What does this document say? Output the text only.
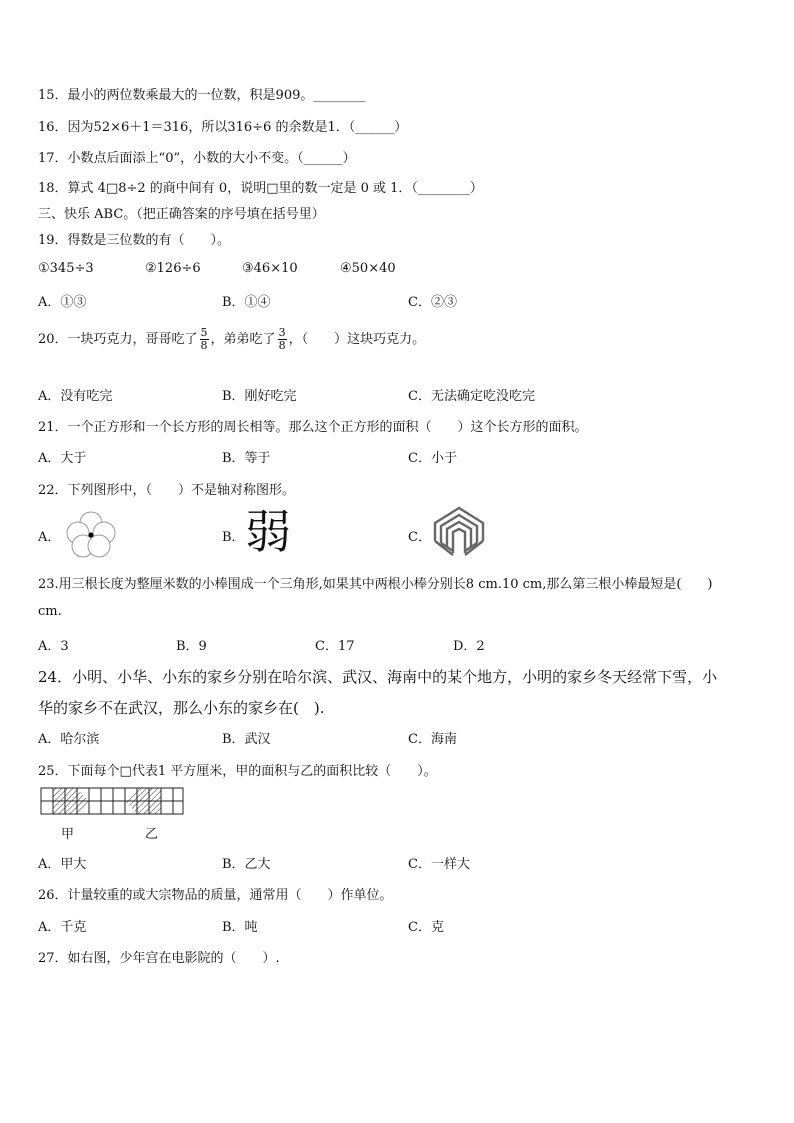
15．最小的两位数乘最大的一位数，积是909。________
16．因为52×6＋1＝316，所以316÷6 的余数是1．（______）
17．小数点后面添上“0”，小数的大小不变。（______）
18．算式 4□8÷2 的商中间有 0，说明□里的数一定是 0 或 1．（________）
三、快乐 ABC。（把正确答案的序号填在括号里）
19．得数是三位数的有（　　）。
①345÷3	②126÷6	③46×10	④50×40
A．①③	B．①④	C．②③
20．一块巧克力，哥哥吃了 $\frac{5}{8}$ ，弟弟吃了 $\frac{3}{8}$ ，（　　）这块巧克力。
A．没有吃完	B．刚好吃完	C．无法确定吃没吃完
21．一个正方形和一个长方形的周长相等。那么这个正方形的面积（　　）这个长方形的面积。
A．大于	B．等于	C．小于
22．下列图形中，（　　）不是轴对称图形。
A．	B． 弱	C．
23.用三根长度为整厘米数的小棒围成一个三角形,如果其中两根小棒分别长8 cm.10 cm,那么第三根小棒最短是(　　)
cm.
A．3	B．9	C．17	D．2
24．小明、小华、小东的家乡分别在哈尔滨、武汉、海南中的某个地方，小明的家乡冬天经常下雪，小
华的家乡不在武汉，那么小东的家乡在(　).
A．哈尔滨	B．武汉	C．海南
25．下面每个□代表1 平方厘米，甲的面积与乙的面积比较（　　）。
甲	乙
A．甲大	B．乙大	C．一样大
26．计量较重的或大宗物品的质量，通常用（　　）作单位。
A．千克	B．吨	C．克
27．如右图，少年宫在电影院的（　　）.
